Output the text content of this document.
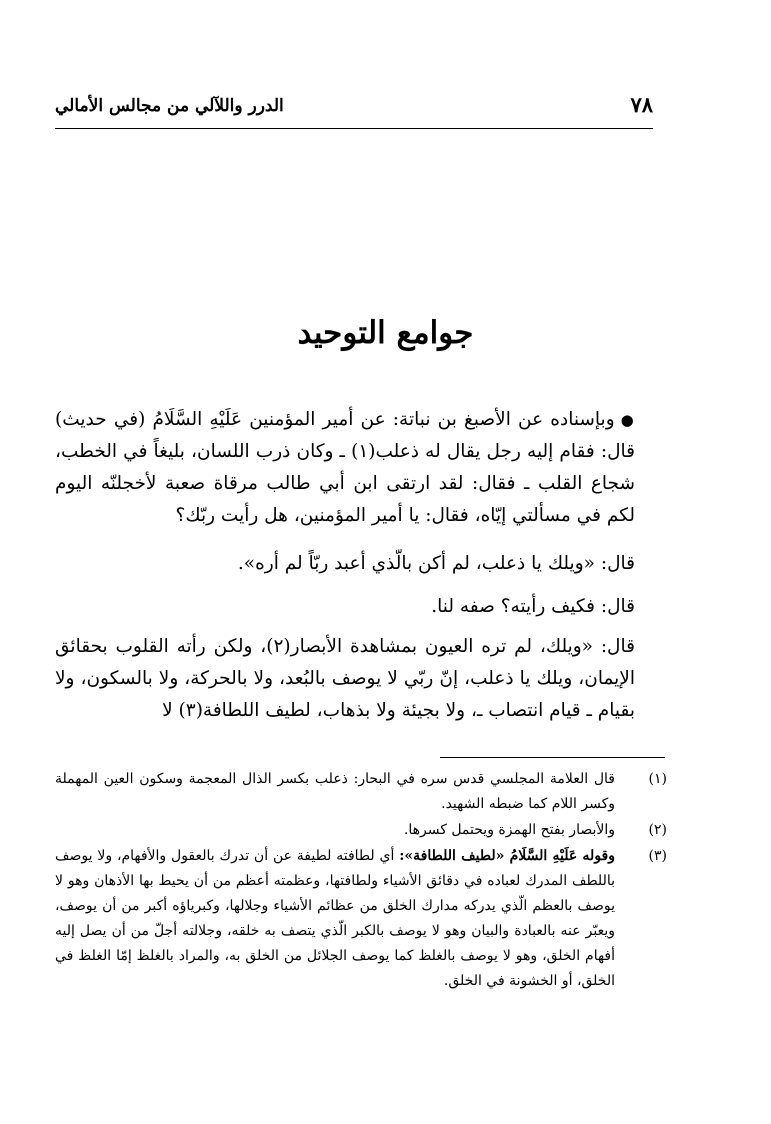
٧٨
الدرر واللآلي من مجالس الأمالي
جوامع التوحيد

●وبإسناده عن الأصبغ بن نباتة: عن أمير المؤمنين عَلَيْهِ السَّلَامُ (في حديث) قال: فقام إليه رجل يقال له ذعلب(١) ـ وكان ذرب اللسان، بليغاً في الخطب، شجاع القلب ـ فقال: لقد ارتقى ابن أبي طالب مرقاة صعبة لأخجلنّه اليوم لكم في مسألتي إيّاه، فقال: يا أمير المؤمنين، هل رأيت ربّك؟

قال: «ويلك يا ذعلب، لم أكن بالّذي أعبد ربّاً لم أره».

قال: فكيف رأيته؟ صفه لنا.

قال: «ويلك، لم تره العيون بمشاهدة الأبصار(٢)، ولكن رأته القلوب بحقائق الإيمان، ويلك يا ذعلب، إنّ ربّي لا يوصف بالبُعد، ولا بالحركة، ولا بالسكون، ولا بقيام ـ قيام انتصاب ـ، ولا بجيئة ولا بذهاب، لطيف اللطافة(٣) لا

(١)
قال العلامة المجلسي قدس سره في البحار: ذعلب بكسر الذال المعجمة وسكون العين المهملة وكسر اللام كما ضبطه الشهيد.
(٢)
والأبصار بفتح الهمزة ويحتمل كسرها.
(٣)
وقوله عَلَيْهِ السَّلَامُ «لطيف اللطافة»: أي لطافته لطيفة عن أن تدرك بالعقول والأفهام، ولا يوصف باللطف المدرك لعباده في دقائق الأشياء ولطافتها، وعظمته أعظم من أن يحيط بها الأذهان وهو لا يوصف بالعظم الّذي يدركه مدارك الخلق من عظائم الأشياء وجلالها، وكبرياؤه أكبر من أن يوصف، ويعبّر عنه بالعبادة والبيان وهو لا يوصف بالكبر الّذي يتصف به خلقه، وجلالته أجلّ من أن يصل إليه أفهام الخلق، وهو لا يوصف بالغلظ كما يوصف الجلائل من الخلق به، والمراد بالغلظ إمّا الغلظ في الخلق، أو الخشونة في الخلق.
